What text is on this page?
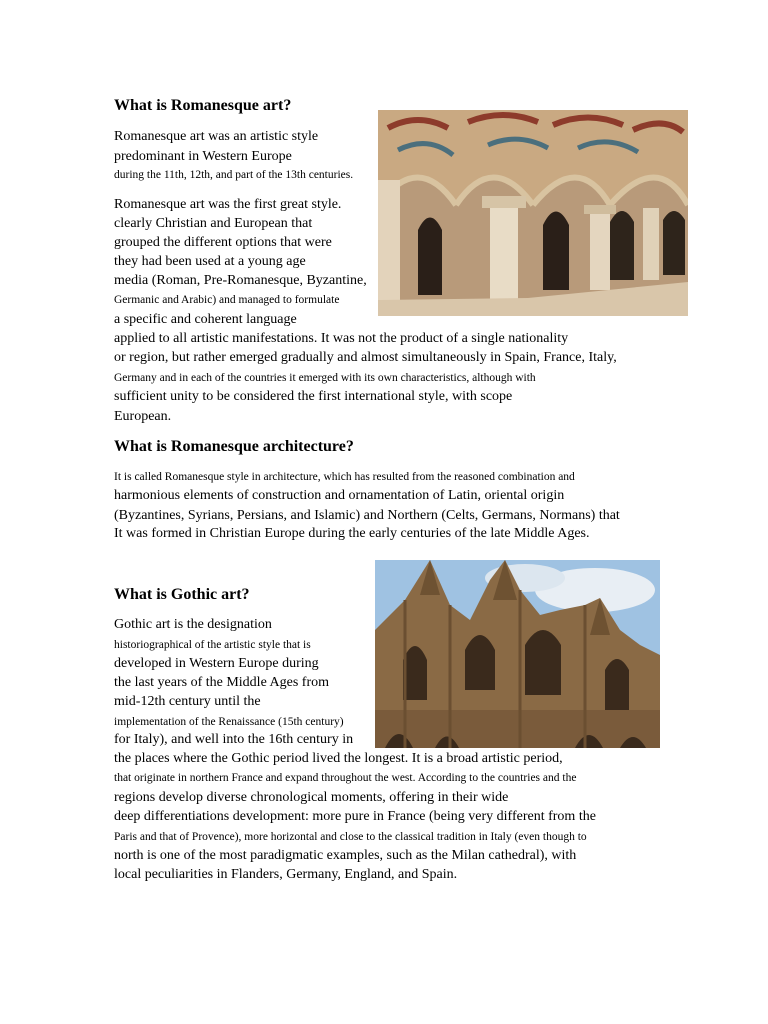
What is Romanesque art?
Romanesque art was an artistic style
predominant in Western Europe
during the 11th, 12th, and part of the 13th centuries.
Romanesque art was the first great style.
clearly Christian and European that
grouped the different options that were
they had been used at a young age
media (Roman, Pre-Romanesque, Byzantine,
Germanic and Arabic) and managed to formulate
a specific and coherent language
applied to all artistic manifestations. It was not the product of a single nationality
or region, but rather emerged gradually and almost simultaneously in Spain, France, Italy,
Germany and in each of the countries it emerged with its own characteristics, although with
sufficient unity to be considered the first international style, with scope
European.
What is Romanesque architecture?
It is called Romanesque style in architecture, which has resulted from the reasoned combination and
harmonious elements of construction and ornamentation of Latin, oriental origin
(Byzantines, Syrians, Persians, and Islamic) and Northern (Celts, Germans, Normans) that
It was formed in Christian Europe during the early centuries of the late Middle Ages.
What is Gothic art?
Gothic art is the designation
historiographical of the artistic style that is
developed in Western Europe during
the last years of the Middle Ages from
mid-12th century until the
implementation of the Renaissance (15th century)
for Italy), and well into the 16th century in
the places where the Gothic period lived the longest. It is a broad artistic period,
that originate in northern France and expand throughout the west. According to the countries and the
regions develop diverse chronological moments, offering in their wide
deep differentiations development: more pure in France (being very different from the
Paris and that of Provence), more horizontal and close to the classical tradition in Italy (even though to
north is one of the most paradigmatic examples, such as the Milan cathedral), with
local peculiarities in Flanders, Germany, England, and Spain.
